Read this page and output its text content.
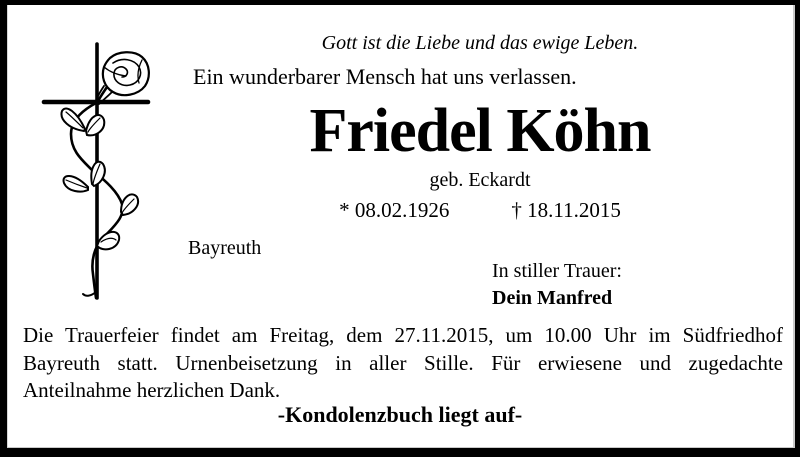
Gott ist die Liebe und das ewige Leben.
Ein wunderbarer Mensch hat uns verlassen.
Friedel Köhn
geb. Eckardt
* 08.02.1926	† 18.11.2015
Bayreuth
In stiller Trauer:
Dein Manfred
Die Trauerfeier findet am Freitag, dem 27.11.2015, um 10.00 Uhr im Südfriedhof Bayreuth statt. Urnenbeisetzung in aller Stille. Für erwiesene und zugedachte Anteilnahme herzlichen Dank.
-Kondolenzbuch liegt auf-
